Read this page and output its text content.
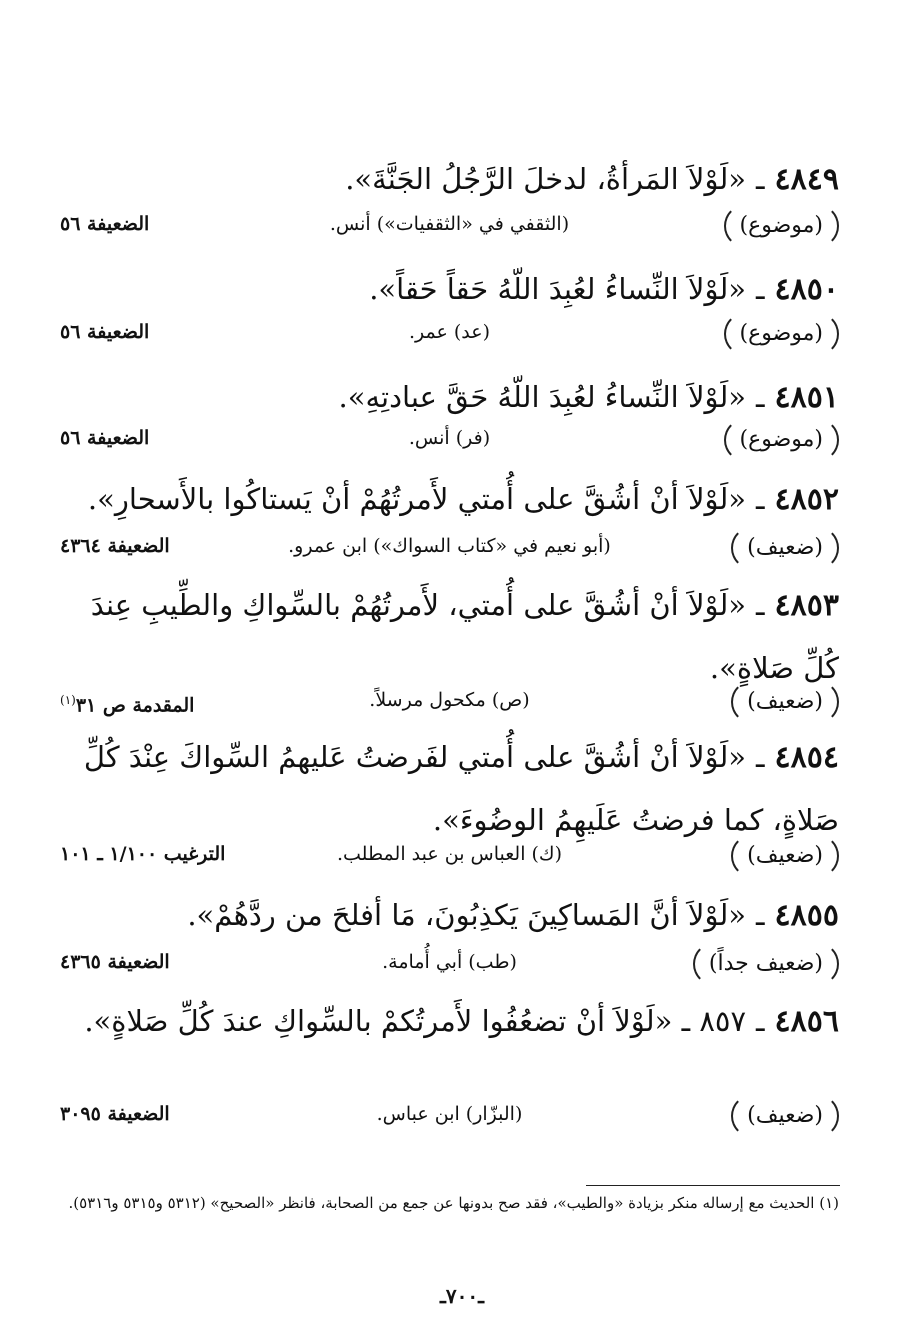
٤٨٤٩ـ«لَوْلاَ المَرأةُ، لدخلَ الرَّجُلُ الجَنَّةَ».
(موضوع)
(الثقفي في «الثقفيات») أنس.
الضعيفة ٥٦
٤٨٥٠ـ«لَوْلاَ النِّساءُ لعُبِدَ اللّهُ حَقاً حَقاً».
(موضوع)
(عد) عمر.
الضعيفة ٥٦
٤٨٥١ـ«لَوْلاَ النِّساءُ لعُبِدَ اللّهُ حَقَّ عبادتِهِ».
(موضوع)
(فر) أنس.
الضعيفة ٥٦
٤٨٥٢ـ«لَوْلاَ أنْ أشُقَّ على أُمتي لأَمرتُهُمْ أنْ يَستاكُوا بالأَسحارِ».
(ضعيف)
(أبو نعيم في «كتاب السواك») ابن عمرو.
الضعيفة ٤٣٦٤
٤٨٥٣ـ«لَوْلاَ أنْ أشُقَّ على أُمتي، لأَمرتُهُمْ بالسِّواكِ والطِّيبِ عِندَ كُلِّ صَلاةٍ».
(ضعيف)
(ص) مكحول مرسلاً.
المقدمة ص ٣١$^{(١)}$
٤٨٥٤ـ«لَوْلاَ أنْ أشُقَّ على أُمتي لفَرضتُ عَليهمُ السِّواكَ عِنْدَ كُلِّ صَلاةٍ، كما فرضتُ عَلَيهِمُ الوضُوءَ».
(ضعيف)
(ك) العباس بن عبد المطلب.
الترغيب ١/١٠٠ ـ ١٠١
٤٨٥٥ـ«لَوْلاَ أنَّ المَساكِينَ يَكذِبُونَ، مَا أفلحَ من ردَّهُمْ».
(ضعيف جداً)
(طب) أبي أُمامة.
الضعيفة ٤٣٦٥
٤٨٥٦ـ٨٥٧ ـ «لَوْلاَ أنْ تضعُفُوا لأَمرتُكمْ بالسِّواكِ عندَ كُلِّ صَلاةٍ».
(ضعيف)
(البزّار) ابن عباس.
الضعيفة ٣٠٩٥
(١) الحديث مع إرساله منكر بزيادة «والطيب»، فقد صح بدونها عن جمع من الصحابة، فانظر «الصحيح» (٥٣١٢ و٥٣١٥ و٥٣١٦).
ـ٧٠٠ـ
